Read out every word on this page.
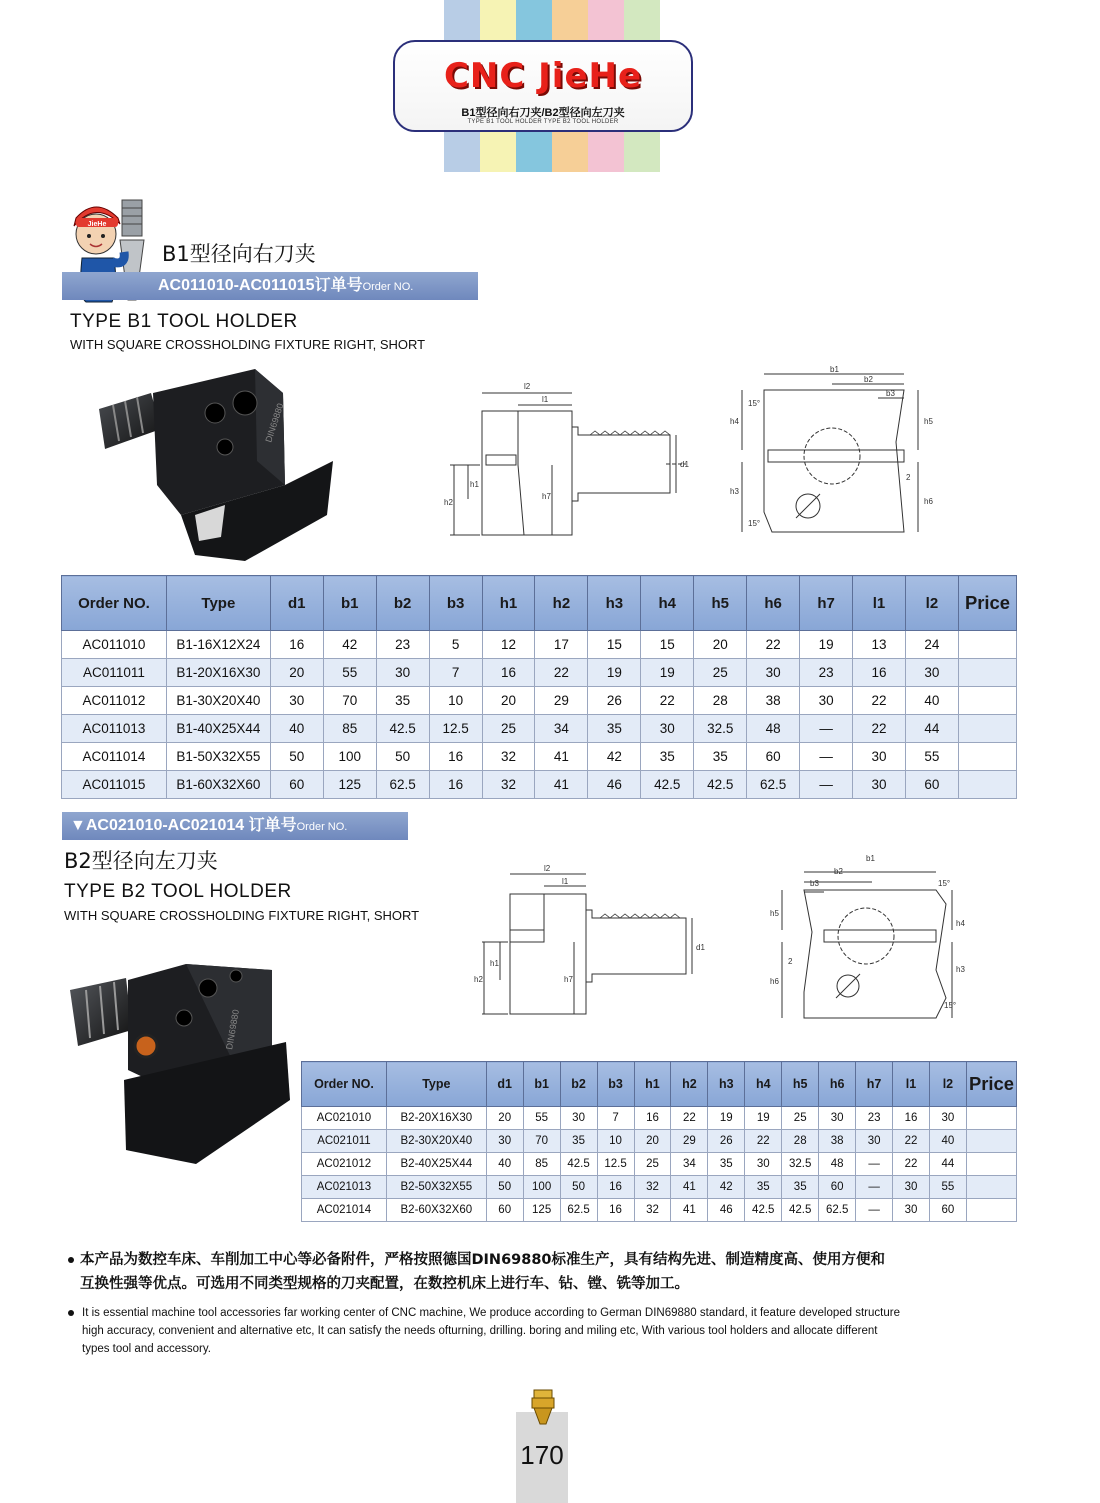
CNC JieHe
B1型径向右刀夹/B2型径向左刀夹
TYPE B1 TOOL HOLDER TYPE B2 TOOL HOLDER
JieHe
B1型径向右刀夹
AC011010-AC011015订单号Order NO.
TYPE B1 TOOL HOLDER
WITH SQUARE CROSSHOLDING FIXTURE RIGHT, SHORT
DIN69880
l2
l1
h2
h1
h7
d1
b1
b2
b3
h4
h3
h5
h6
2
15°
15°
Order NO.	Type	d1	b1	b2	b3	h1	h2	h3	h4	h5	h6	h7	l1	l2	Price
AC011010	B1-16X12X24	16	42	23	5	12	17	15	15	20	22	19	13	24	
AC011011	B1-20X16X30	20	55	30	7	16	22	19	19	25	30	23	16	30	
AC011012	B1-30X20X40	30	70	35	10	20	29	26	22	28	38	30	22	40	
AC011013	B1-40X25X44	40	85	42.5	12.5	25	34	35	30	32.5	48	—	22	44	
AC011014	B1-50X32X55	50	100	50	16	32	41	42	35	35	60	—	30	55	
AC011015	B1-60X32X60	60	125	62.5	16	32	41	46	42.5	42.5	62.5	—	30	60	
▼AC021010-AC021014 订单号Order NO.
B2型径向左刀夹
TYPE B2 TOOL HOLDER
WITH SQUARE CROSSHOLDING FIXTURE RIGHT, SHORT
DIN69880
l2
l1
h2
h1
h7
d1
b1
b2
b3
h5
h6
h4
h3
2
15°
15°
Order NO.	Type	d1	b1	b2	b3	h1	h2	h3	h4	h5	h6	h7	l1	l2	Price
AC021010	B2-20X16X30	20	55	30	7	16	22	19	19	25	30	23	16	30	
AC021011	B2-30X20X40	30	70	35	10	20	29	26	22	28	38	30	22	40	
AC021012	B2-40X25X44	40	85	42.5	12.5	25	34	35	30	32.5	48	—	22	44	
AC021013	B2-50X32X55	50	100	50	16	32	41	42	35	35	60	—	30	55	
AC021014	B2-60X32X60	60	125	62.5	16	32	41	46	42.5	42.5	62.5	—	30	60	
本产品为数控车床、车削加工中心等必备附件，严格按照德国DIN69880标准生产，具有结构先进、制造精度高、使用方便和
互换性强等优点。可选用不同类型规格的刀夹配置，在数控机床上进行车、钻、镗、铣等加工。
It is essential machine tool accessories far working center of CNC machine, We produce according to German DIN69880 standard, it feature developed structure
high accuracy, convenient and alternative etc, It can satisfy the needs ofturning, drilling. boring and miling etc, With various tool holders and allocate different
types tool and accessory.
170
